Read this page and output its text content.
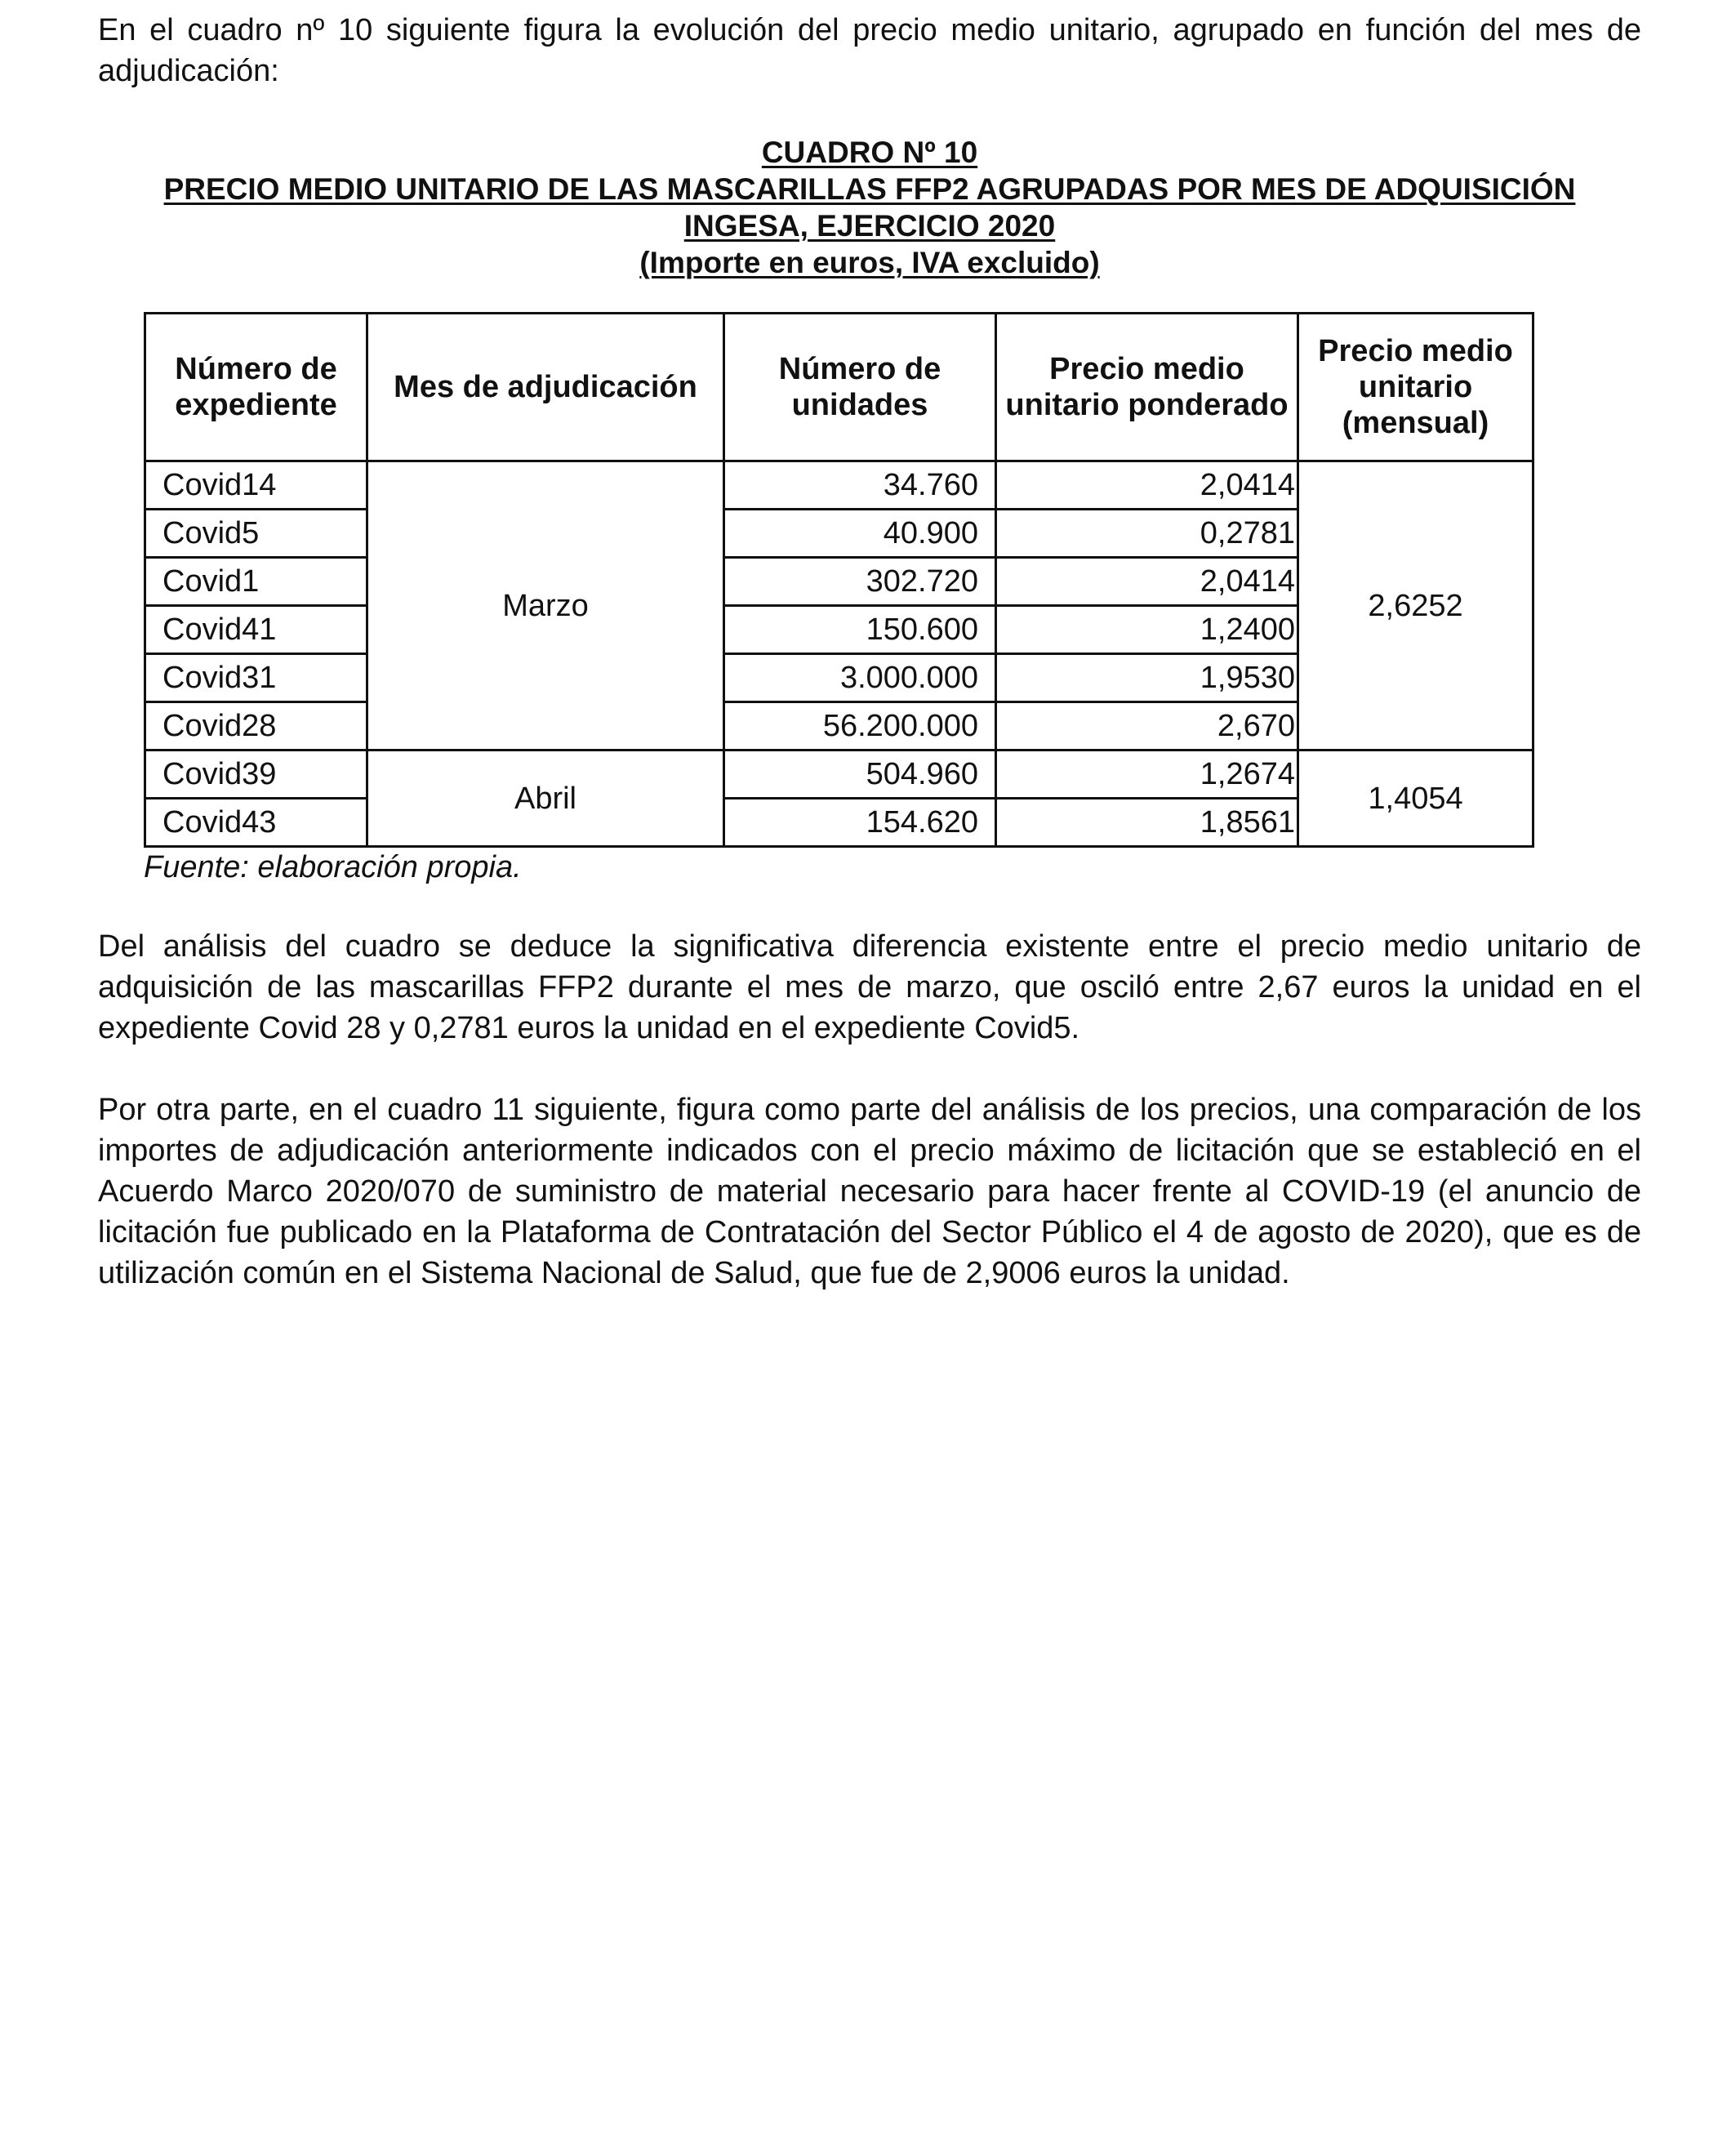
En el cuadro nº 10 siguiente figura la evolución del precio medio unitario, agrupado en función del mes de adjudicación:

CUADRO Nº 10
PRECIO MEDIO UNITARIO DE LAS MASCARILLAS FFP2 AGRUPADAS POR MES DE ADQUISICIÓN
INGESA, EJERCICIO 2020
(Importe en euros, IVA excluido)
Número de expediente	Mes de adjudicación	Número de unidades	Precio medio unitario ponderado	Precio medio unitario (mensual)
Covid14	Marzo	34.760	2,0414	2,6252
Covid5		40.900	0,2781	
Covid1		302.720	2,0414	
Covid41		150.600	1,2400	
Covid31		3.000.000	1,9530	
Covid28		56.200.000	2,670	
Covid39	Abril	504.960	1,2674	1,4054
Covid43		154.620	1,8561	
Fuente: elaboración propia.

Del análisis del cuadro se deduce la significativa diferencia existente entre el precio medio unitario de adquisición de las mascarillas FFP2 durante el mes de marzo, que osciló entre 2,67 euros la unidad en el expediente Covid 28 y 0,2781 euros la unidad en el expediente Covid5.

Por otra parte, en el cuadro 11 siguiente, figura como parte del análisis de los precios, una comparación de los importes de adjudicación anteriormente indicados con el precio máximo de licitación que se estableció en el Acuerdo Marco 2020/070 de suministro de material necesario para hacer frente al COVID-19 (el anuncio de licitación fue publicado en la Plataforma de Contratación del Sector Público el 4 de agosto de 2020), que es de utilización común en el Sistema Nacional de Salud, que fue de 2,9006 euros la unidad.
